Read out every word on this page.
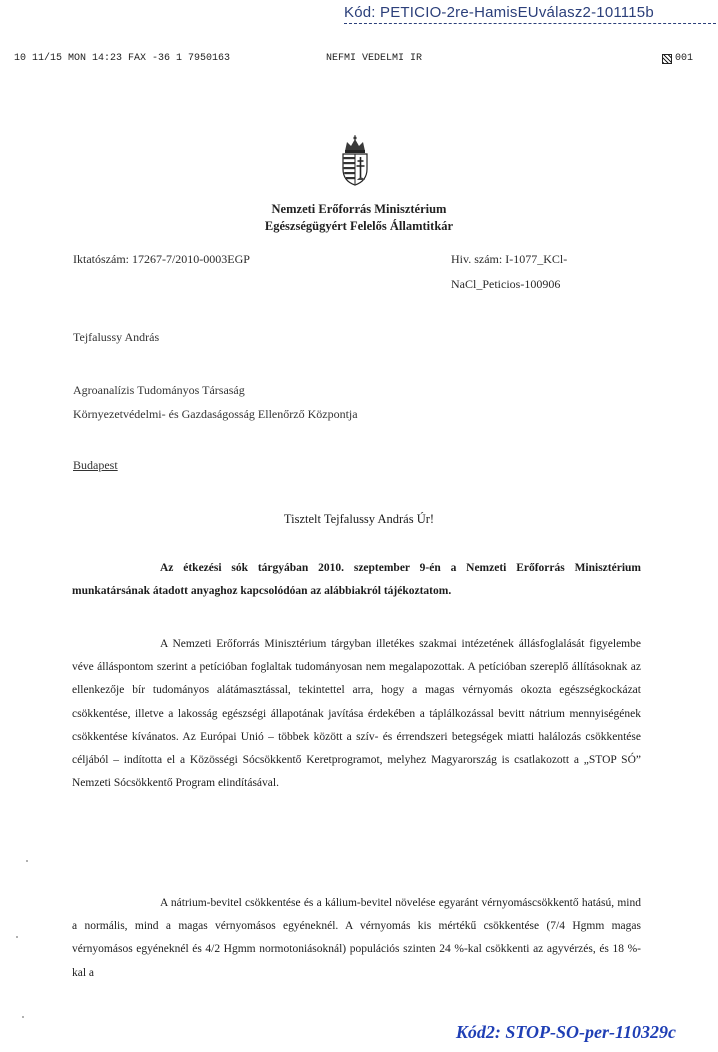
Kód: PETICIO-2re-HamisEUválasz2-101115b
10 11/15 MON 14:23 FAX -36 1 7950163	NEFMI VEDELMI IR	001
Nemzeti Erőforrás Minisztérium
Egészségügyért Felelős Államtitkár
Iktatószám: 17267-7/2010-0003EGP	Hiv. szám: I-1077_KCl-
NaCl_Peticios-100906
Tejfalussy András
Agroanalízis Tudományos Társaság
Környezetvédelmi- és Gazdaságosság Ellenőrző Központja
Budapest
Tisztelt Tejfalussy András Úr!
Az étkezési sók tárgyában 2010. szeptember 9-én a Nemzeti Erőforrás Minisztérium munkatársának átadott anyaghoz kapcsolódóan az alábbiakról tájékoztatom.
A Nemzeti Erőforrás Minisztérium tárgyban illetékes szakmai intézetének állásfoglalását figyelembe véve álláspontom szerint a petícióban foglaltak tudományosan nem megalapozottak. A petícióban szereplő állításoknak az ellenkezője bír tudományos alátámasztással, tekintettel arra, hogy a magas vérnyomás okozta egészségkockázat csökkentése, illetve a lakosság egészségi állapotának javítása érdekében a táplálkozással bevitt nátrium mennyiségének csökkentése kívánatos. Az Európai Unió – többek között a szív- és érrendszeri betegségek miatti halálozás csökkentése céljából – indította el a Közösségi Sócsökkentő Keretprogramot, melyhez Magyarország is csatlakozott a „STOP SÓ” Nemzeti Sócsökkentő Program elindításával.
A nátrium-bevitel csökkentése és a kálium-bevitel növelése egyaránt vérnyomáscsökkentő hatású, mind a normális, mind a magas vérnyomásos egyéneknél. A vérnyomás kis mértékű csökkentése (7/4 Hgmm magas vérnyomásos egyéneknél és 4/2 Hgmm normotoniásoknál) populációs szinten 24 %-kal csökkenti az agyvérzés, és 18 %-kal a
Kód2: STOP-SO-per-110329c
